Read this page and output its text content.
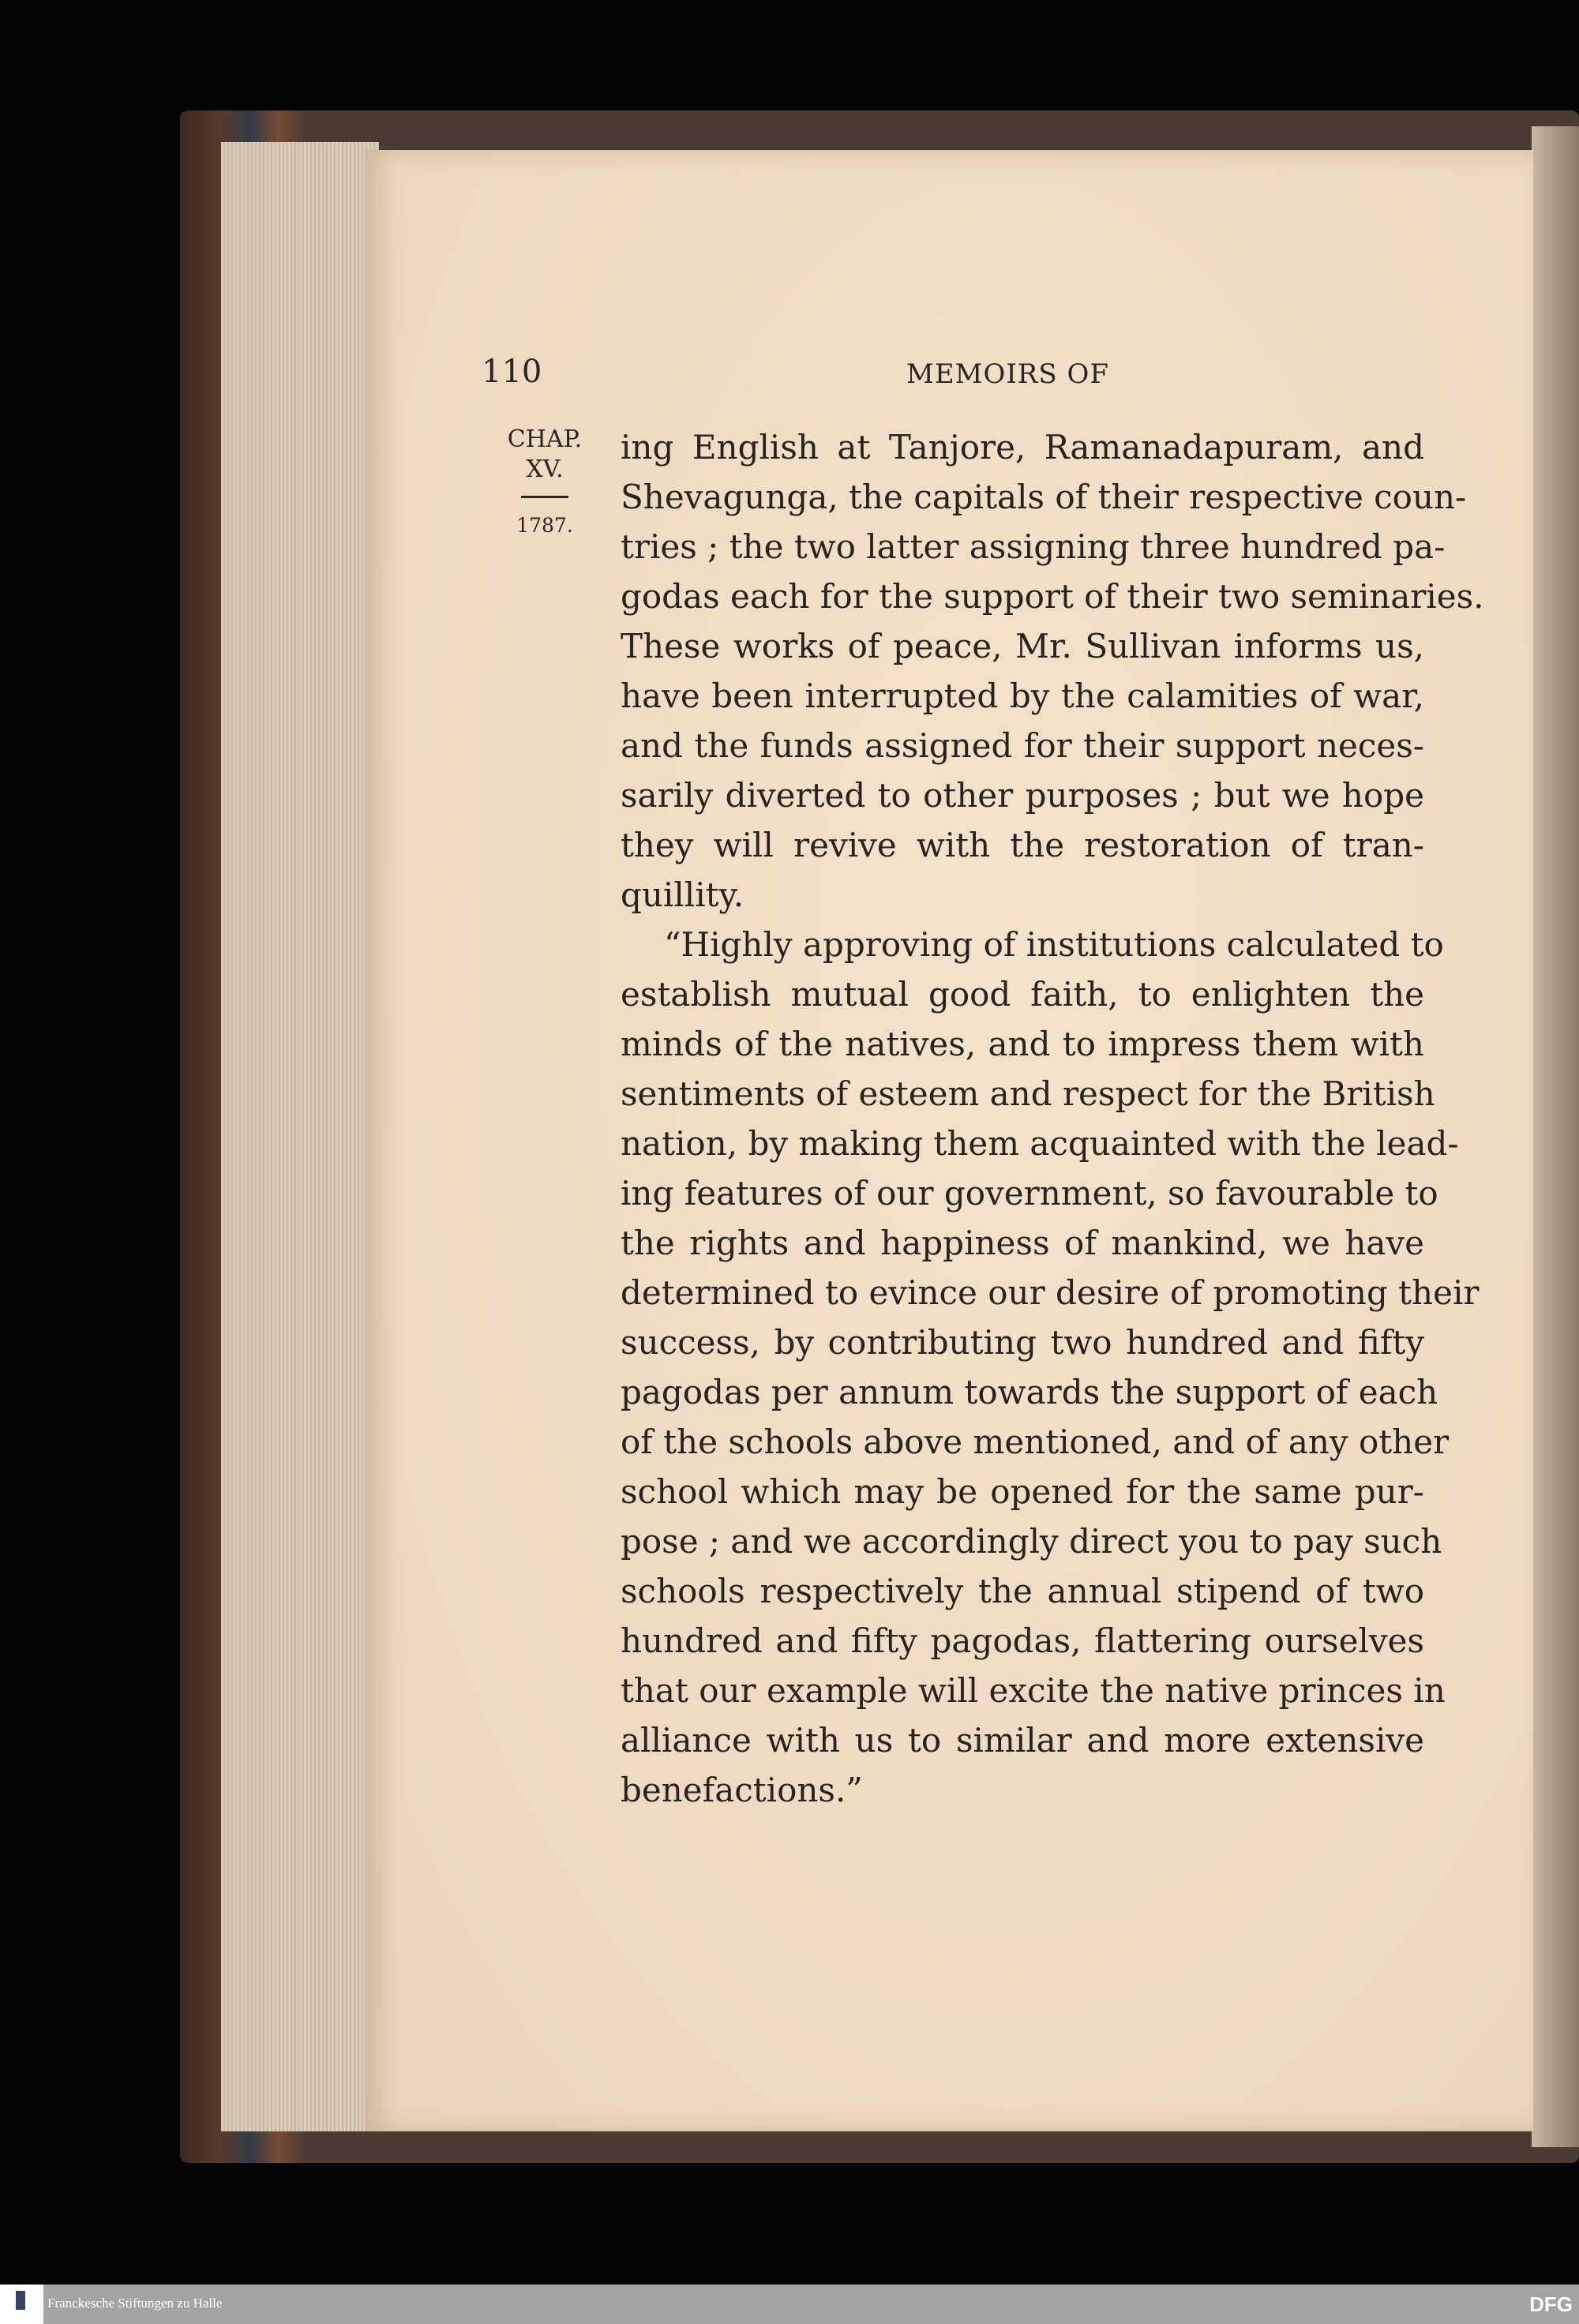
110	MEMOIRS OF
CHAP.
XV.
1787.
ing English at Tanjore, Ramanadapuram, and
Shevagunga, the capitals of their respective coun-
tries ; the two latter assigning three hundred pa-
godas each for the support of their two seminaries.
These works of peace, Mr. Sullivan informs us,
have been interrupted by the calamities of war,
and the funds assigned for their support neces-
sarily diverted to other purposes ; but we hope
they will revive with the restoration of tran-
quillity.
“Highly approving of institutions calculated to
establish mutual good faith, to enlighten the
minds of the natives, and to impress them with
sentiments of esteem and respect for the British
nation, by making them acquainted with the lead-
ing features of our government, so favourable to
the rights and happiness of mankind, we have
determined to evince our desire of promoting their
success, by contributing two hundred and fifty
pagodas per annum towards the support of each
of the schools above mentioned, and of any other
school which may be opened for the same pur-
pose ; and we accordingly direct you to pay such
schools respectively the annual stipend of two
hundred and fifty pagodas, flattering ourselves
that our example will excite the native princes in
alliance with us to similar and more extensive
benefactions.”
Franckesche Stiftungen zu Halle	DFG
